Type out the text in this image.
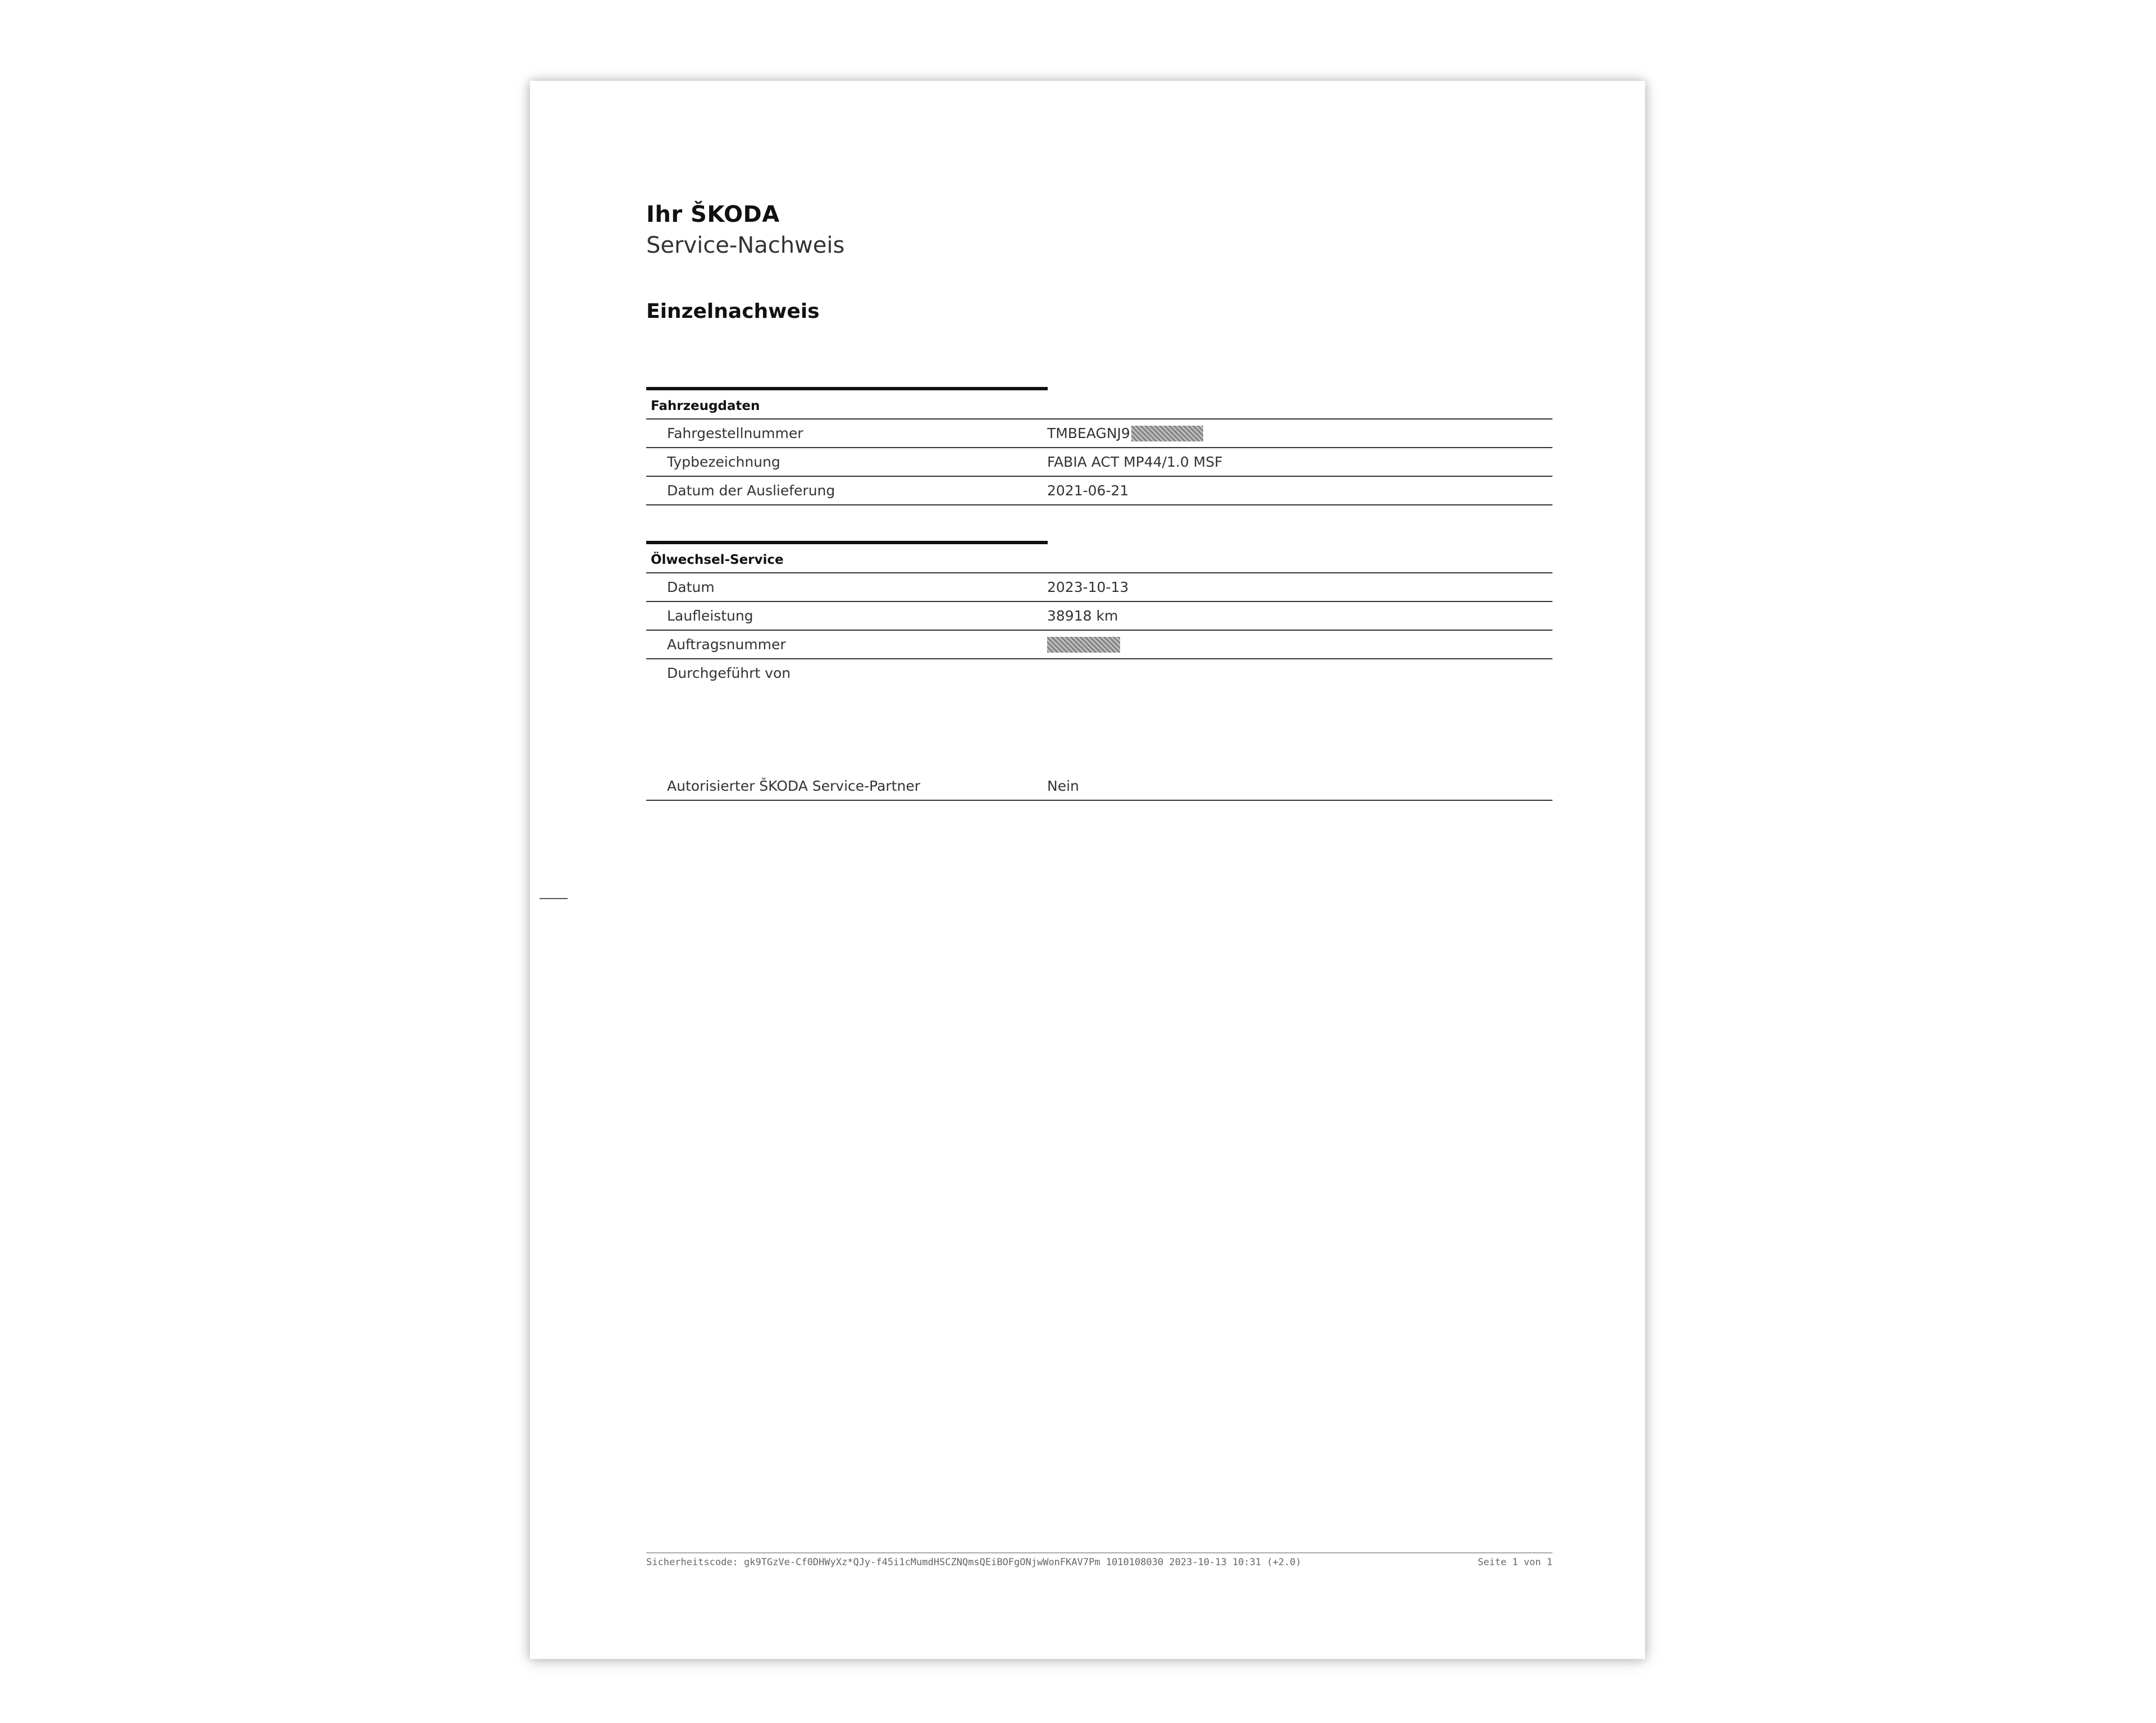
Ihr ŠKODA
Service-Nachweis
Einzelnachweis
Fahrzeugdaten
Fahrgestellnummer	TMBEAGNJ9
Typbezeichnung	FABIA ACT MP44/1.0 MSF
Datum der Auslieferung	2021-06-21
Ölwechsel-Service
Datum	2023-10-13
Laufleistung	38918 km
Auftragsnummer
Durchgeführt von
Autorisierter ŠKODA Service-Partner	Nein
Sicherheitscode: gk9TGzVe-Cf0DHWyXz*QJy-f45i1cMumdHSCZNQmsQEiBOFgONjwWonFKAV7Pm 1010108030 2023-10-13 10:31 (+2.0)	Seite 1 von 1
